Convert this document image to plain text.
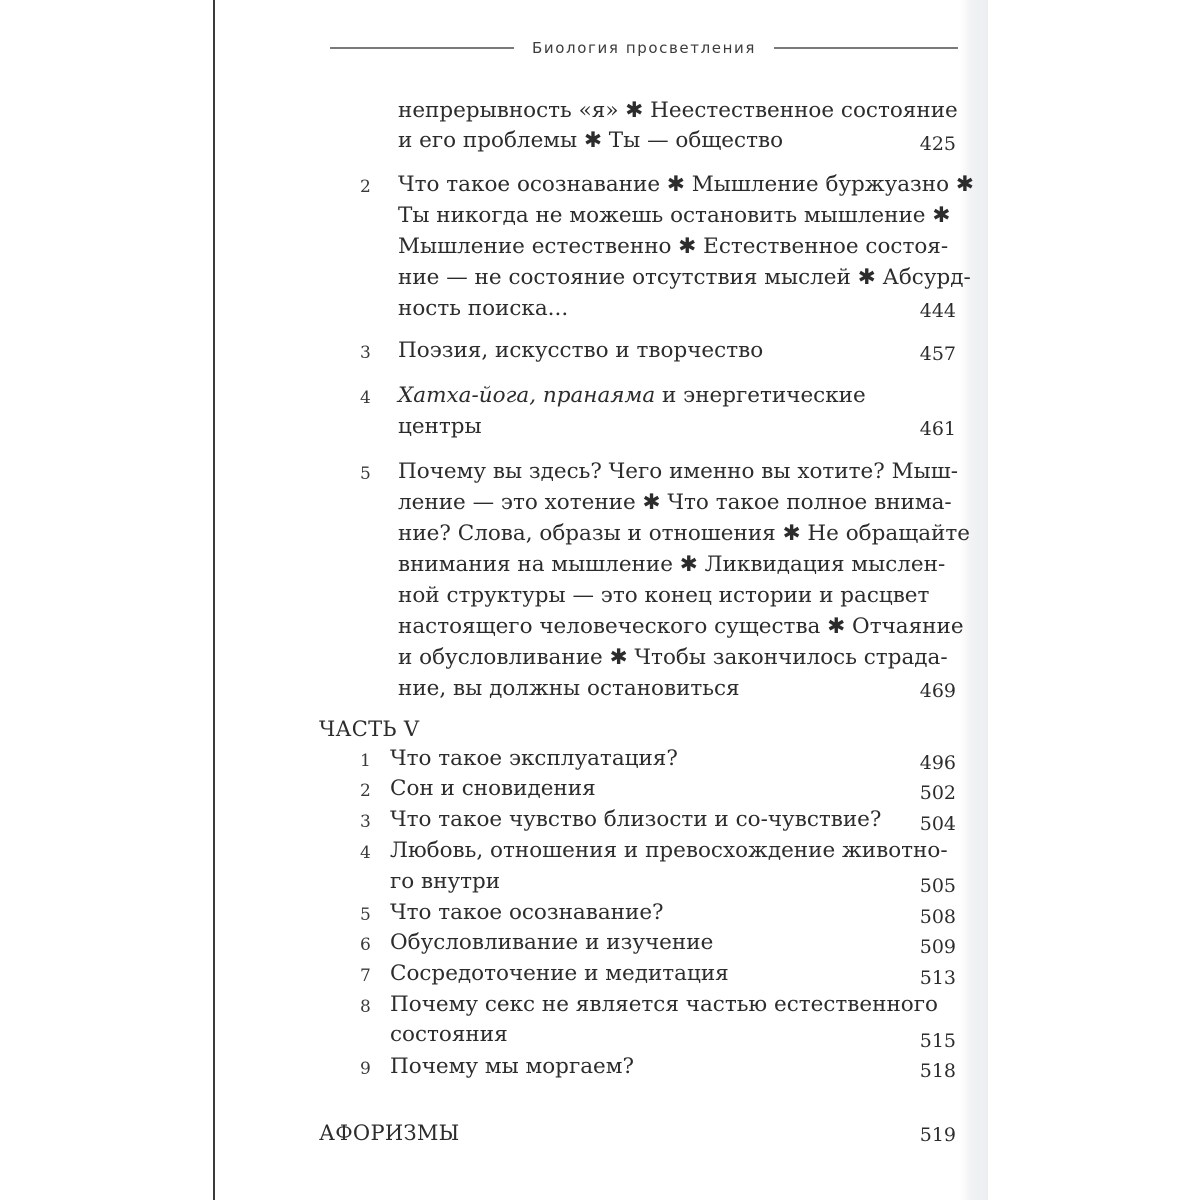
Биология просветления
непрерывность «я» ✱ Неестественное состояние
и его проблемы ✱ Ты — общество	425
2 Что такое осознавание ✱ Мышление буржуазно ✱
Ты никогда не можешь остановить мышление ✱
Мышление естественно ✱ Естественное состоя-
ние — не состояние отсутствия мыслей ✱ Абсурд-
ность поиска...	444
3 Поэзия, искусство и творчество	457
4 Хатха-йога, пранаяма и энергетические
центры	461
5 Почему вы здесь? Чего именно вы хотите? Мыш-
ление — это хотение ✱ Что такое полное внима-
ние? Слова, образы и отношения ✱ Не обращайте
внимания на мышление ✱ Ликвидация мыслен-
ной структуры — это конец истории и расцвет
настоящего человеческого существа ✱ Отчаяние
и обусловливание ✱ Чтобы закончилось страда-
ние, вы должны остановиться	469
ЧАСТЬ V
1 Что такое эксплуатация?	496
2 Сон и сновидения	502
3 Что такое чувство близости и со-чувствие?	504
4 Любовь, отношения и превосхождение животно-
го внутри	505
5 Что такое осознавание?	508
6 Обусловливание и изучение	509
7 Сосредоточение и медитация	513
8 Почему секс не является частью естественного
состояния	515
9 Почему мы моргаем?	518
АФОРИЗМЫ	519
